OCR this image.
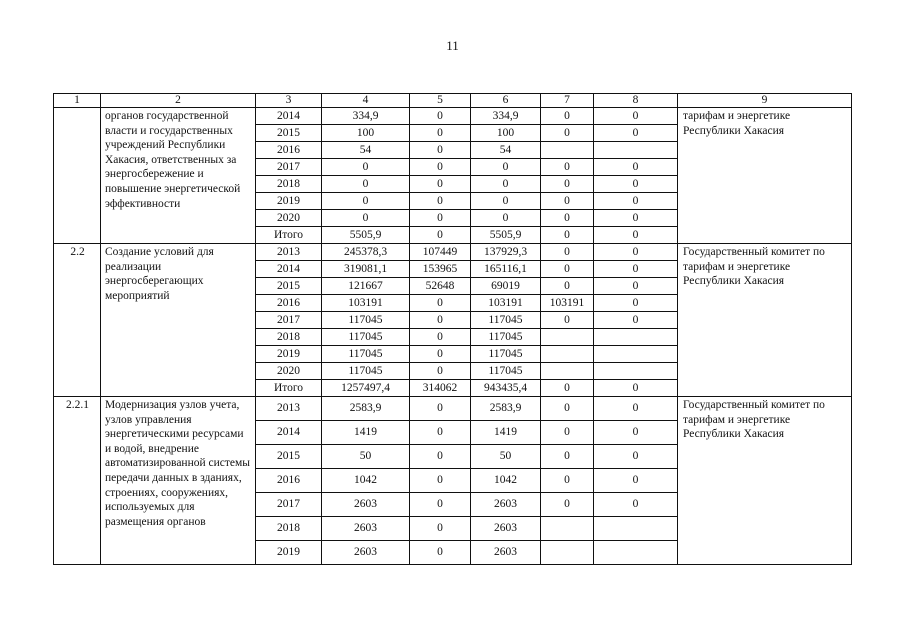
11
1	2	3	4	5	6	7	8	9
	органов государственной власти и государственных учреждений Республики Хакасия, ответственных за энергосбережение и повышение энергетической эффективности	2014	334,9	0	334,9	0	0	тарифам и энергетике Республики Хакасия
		2015	100	0	100	0	0	
		2016	54	0	54			
		2017	0	0	0	0	0	
		2018	0	0	0	0	0	
		2019	0	0	0	0	0	
		2020	0	0	0	0	0	
		Итого	5505,9	0	5505,9	0	0	
2.2	Создание условий для реализации энергосберегающих мероприятий	2013	245378,3	107449	137929,3	0	0	Государственный комитет по тарифам и энергетике Республики Хакасия
		2014	319081,1	153965	165116,1	0	0	
		2015	121667	52648	69019	0	0	
		2016	103191	0	103191	103191	0	
		2017	117045	0	117045	0	0	
		2018	117045	0	117045			
		2019	117045	0	117045			
		2020	117045	0	117045			
		Итого	1257497,4	314062	943435,4	0	0	
2.2.1	Модернизация узлов учета, узлов управления энергетическими ресурсами и водой, внедрение автоматизированной системы передачи данных в зданиях, строениях, сооружениях, используемых для размещения органов	2013	2583,9	0	2583,9	0	0	Государственный комитет по тарифам и энергетике Республики Хакасия
		2014	1419	0	1419	0	0	
		2015	50	0	50	0	0	
		2016	1042	0	1042	0	0	
		2017	2603	0	2603	0	0	
		2018	2603	0	2603			
		2019	2603	0	2603			
